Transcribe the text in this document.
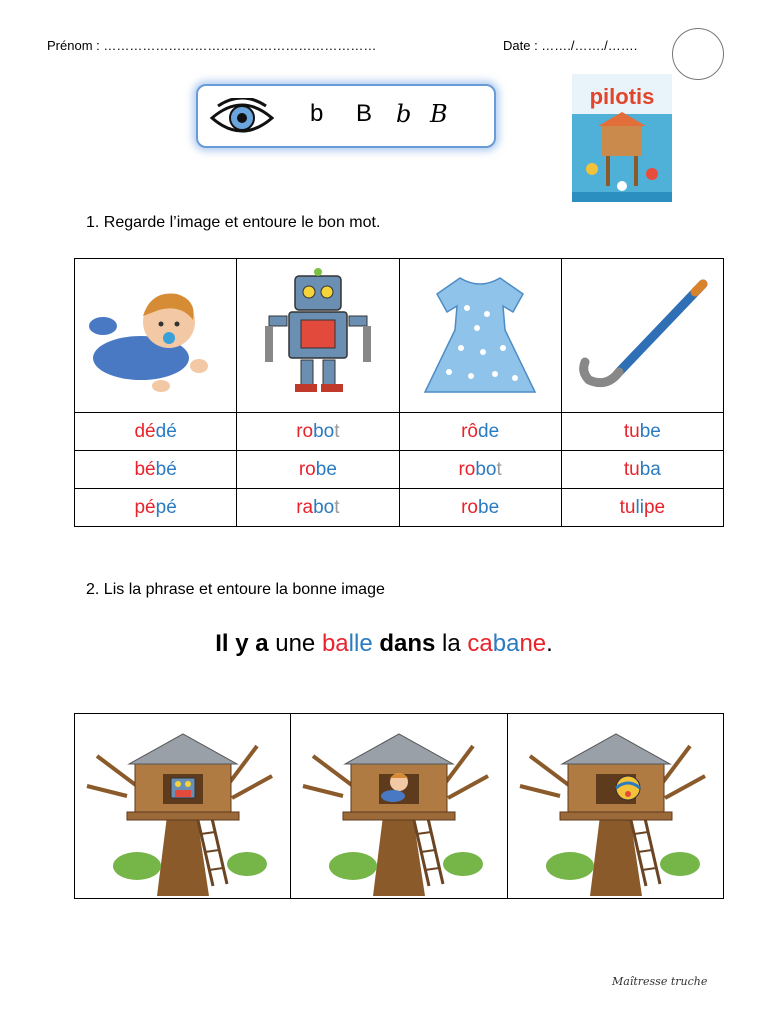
Prénom : ………………………………………………………	Date : ……./……./…….
b B b B
pilotis
1. Regarde l’image et entoure le bon mot.

dédé	robot	rôde	tube
bébé	robe	robot	tuba
pépé	rabot	robe	tulipe
2. Lis la phrase et entoure la bonne image
Il y a une balle dans la cabane.
Maîtresse truche
